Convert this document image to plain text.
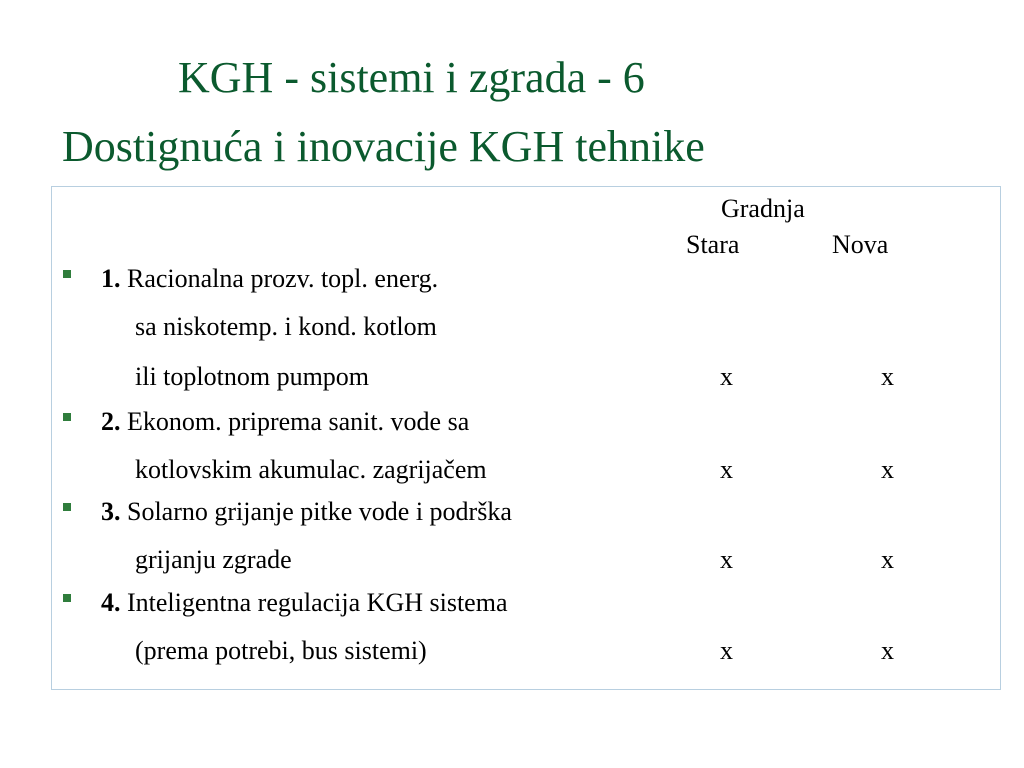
KGH - sistemi i zgrada - 6
Dostignuća i inovacije KGH tehnike
Gradnja
Stara	Nova
1. Racionalna prozv. topl. energ.
sa niskotemp. i kond. kotlom
ili toplotnom pumpom	x	x
2. Ekonom. priprema sanit. vode sa
kotlovskim akumulac. zagrijačem	x	x
3. Solarno grijanje pitke vode i podrška
grijanju zgrade	x	x
4. Inteligentna regulacija KGH sistema
(prema potrebi, bus sistemi)	x	x
